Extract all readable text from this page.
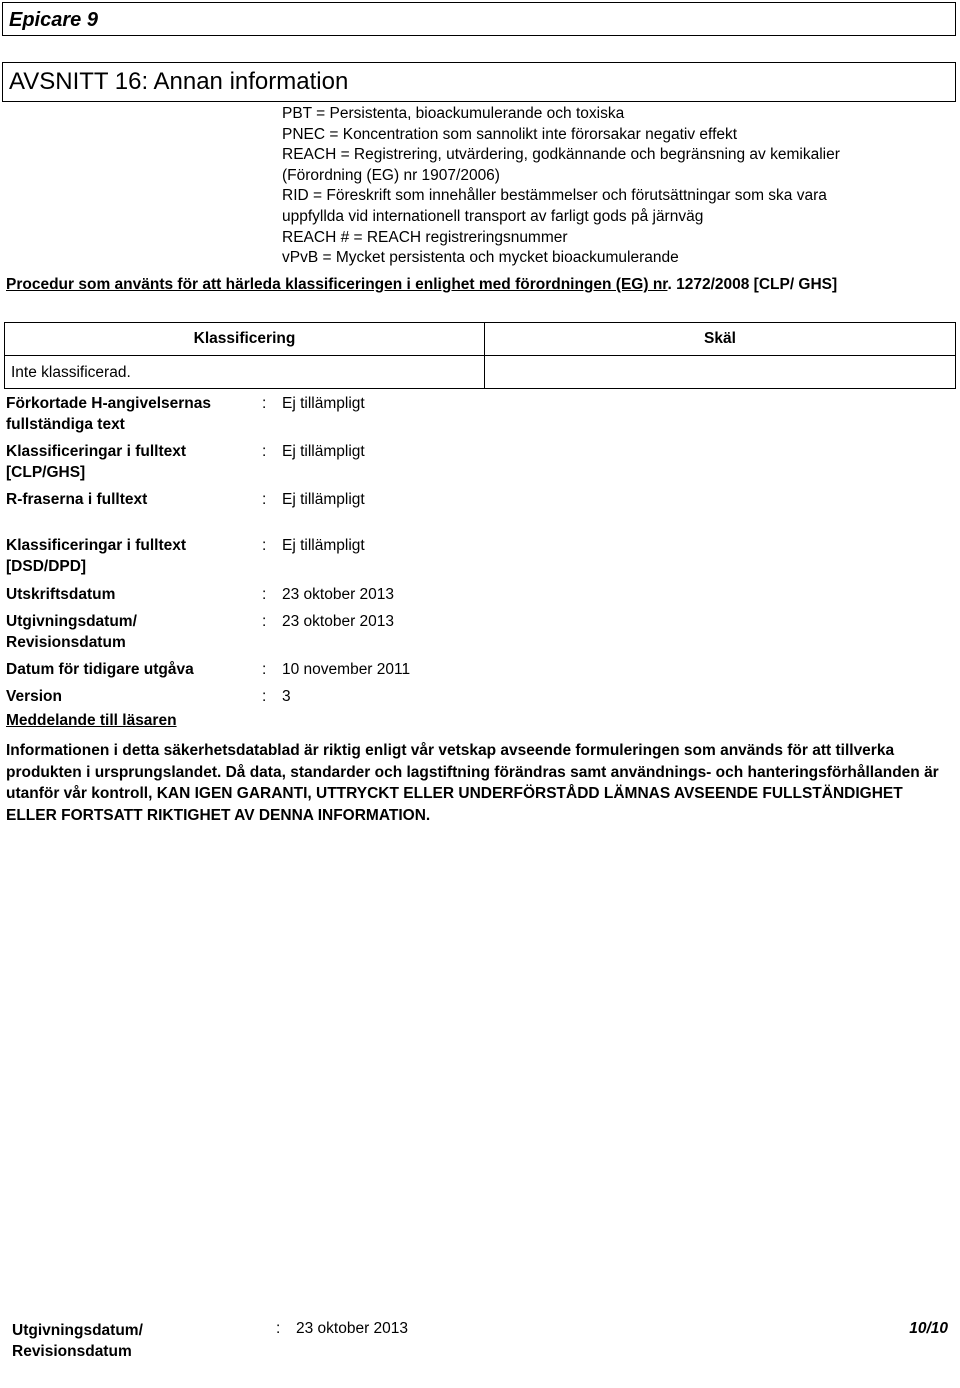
Epicare 9
AVSNITT 16: Annan information
PBT = Persistenta, bioackumulerande och toxiska
PNEC = Koncentration som sannolikt inte förorsakar negativ effekt
REACH = Registrering, utvärdering, godkännande och begränsning av kemikalier
(Förordning (EG) nr 1907/2006)
RID = Föreskrift som innehåller bestämmelser och förutsättningar som ska vara
uppfyllda vid internationell transport av farligt gods på järnväg
REACH # = REACH registreringsnummer
vPvB = Mycket persistenta och mycket bioackumulerande
Procedur som använts för att härleda klassificeringen i enlighet med förordningen (EG) nr. 1272/2008 [CLP/ GHS]
Klassificering	Skäl

Inte klassificerad.	

Förkortade H-angivelsernas fullständiga text
: Ej tillämpligt
Klassificeringar i fulltext [CLP/GHS]
: Ej tillämpligt
R-fraserna i fulltext	: Ej tillämpligt
Klassificeringar i fulltext [DSD/DPD]
: Ej tillämpligt
Utskriftsdatum	: 23 oktober 2013
Utgivningsdatum/ Revisionsdatum
: 23 oktober 2013
Datum för tidigare utgåva	: 10 november 2011
Version	: 3
Meddelande till läsaren
Informationen i detta säkerhetsdatablad är riktig enligt vår vetskap avseende formuleringen som används för att tillverka produkten i ursprungslandet. Då data, standarder och lagstiftning förändras samt användnings- och hanteringsförhållanden är utanför vår kontroll, KAN IGEN GARANTI, UTTRYCKT ELLER UNDERFÖRSTÅDD LÄMNAS AVSEENDE FULLSTÄNDIGHET ELLER FORTSATT RIKTIGHET AV DENNA INFORMATION.
Utgivningsdatum/ Revisionsdatum
: 23 oktober 2013	10/10
